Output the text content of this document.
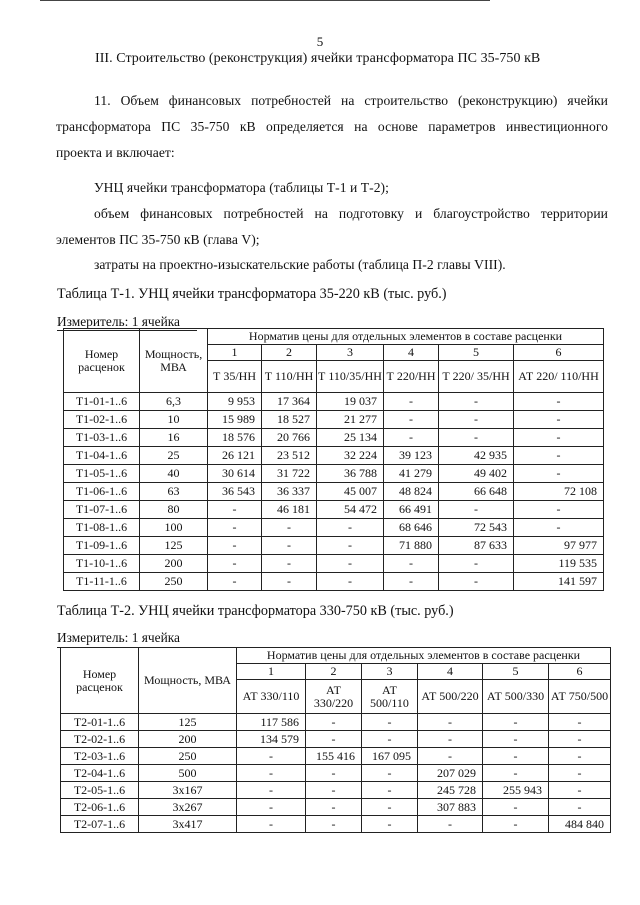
5
III. Строительство (реконструкция) ячейки трансформатора ПС 35-750 кВ
11. Объем финансовых потребностей на строительство (реконструкцию) ячейки
трансформатора ПС 35-750 кВ определяется на основе параметров инвестиционного
проекта и включает:
УНЦ ячейки трансформатора (таблицы Т-1 и Т-2);
объем финансовых потребностей на подготовку и благоустройство территории
элементов ПС 35-750 кВ (глава V);
затраты на проектно-изыскательские работы (таблица П-2 главы VIII).
Таблица Т-1. УНЦ ячейки трансформатора 35-220 кВ (тыс. руб.)
Измеритель: 1 ячейка
Номер расценок	Мощность, МВА	Норматив цены для отдельных элементов в составе расценки					
		1	2	3	4	5	6
		Т 35/НН	Т 110/НН	Т 110/35/НН	Т 220/НН	Т 220/ 35/НН	АТ 220/ 110/НН
Т1-01-1..6	6,3	9 953	17 364	19 037	-	-	-
Т1-02-1..6	10	15 989	18 527	21 277	-	-	-
Т1-03-1..6	16	18 576	20 766	25 134	-	-	-
Т1-04-1..6	25	26 121	23 512	32 224	39 123	42 935	-
Т1-05-1..6	40	30 614	31 722	36 788	41 279	49 402	-
Т1-06-1..6	63	36 543	36 337	45 007	48 824	66 648	72 108
Т1-07-1..6	80	-	46 181	54 472	66 491	-	-
Т1-08-1..6	100	-	-	-	68 646	72 543	-
Т1-09-1..6	125	-	-	-	71 880	87 633	97 977
Т1-10-1..6	200	-	-	-	-	-	119 535
Т1-11-1..6	250	-	-	-	-	-	141 597
Таблица Т-2. УНЦ ячейки трансформатора 330-750 кВ (тыс. руб.)
Измеритель: 1 ячейка
Номер расценок	Мощность, МВА	Норматив цены для отдельных элементов в составе расценки					
		1	2	3	4	5	6
		АТ 330/110	АТ 330/220	АТ 500/110	АТ 500/220	АТ 500/330	АТ 750/500
Т2-01-1..6	125	117 586	-	-	-	-	-
Т2-02-1..6	200	134 579	-	-	-	-	-
Т2-03-1..6	250	-	155 416	167 095	-	-	-
Т2-04-1..6	500	-	-	-	207 029	-	-
Т2-05-1..6	3х167	-	-	-	245 728	255 943	-
Т2-06-1..6	3х267	-	-	-	307 883	-	-
Т2-07-1..6	3х417	-	-	-	-	-	484 840
